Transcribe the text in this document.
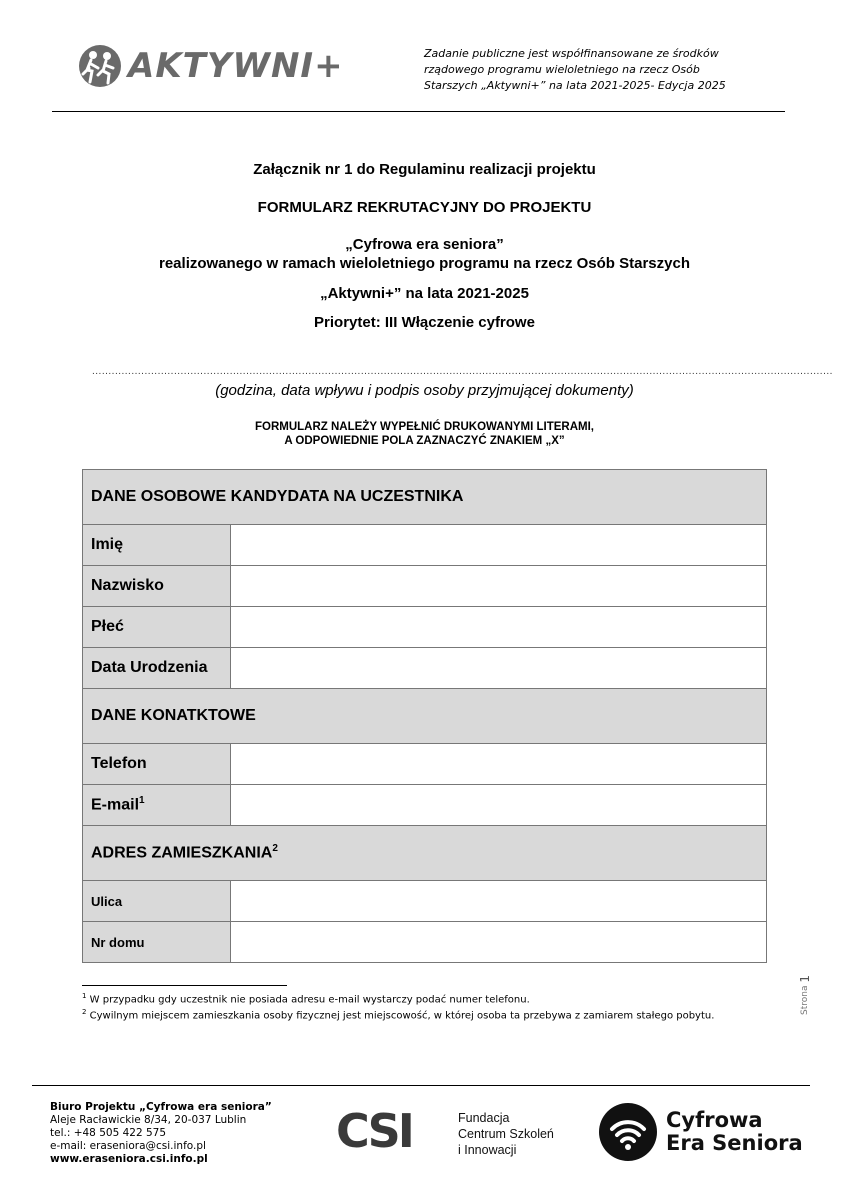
AKTYWNI+	Zadanie publiczne jest współfinansowane ze środków
rządowego programu wieloletniego na rzecz Osób
Starszych „Aktywni+” na lata 2021-2025- Edycja 2025
Załącznik nr 1 do Regulaminu realizacji projektu
FORMULARZ REKRUTACYJNY DO PROJEKTU
„Cyfrowa era seniora”
realizowanego w ramach wieloletniego programu na rzecz Osób Starszych
„Aktywni+” na lata 2021-2025
Priorytet: III Włączenie cyfrowe
..................................................................................................................................................................................................................................
(godzina, data wpływu i podpis osoby przyjmującej dokumenty)
FORMULARZ NALEŻY WYPEŁNIĆ DRUKOWANYMI LITERAMI,
A ODPOWIEDNIE POLA ZAZNACZYĆ ZNAKIEM „X”
DANE OSOBOWE KANDYDATA NA UCZESTNIKA	
Imię	
Nazwisko	
Płeć	
Data Urodzenia	
DANE KONATKTOWE	
Telefon	
E-mail$^1$	
ADRES ZAMIESZKANIA$^2$
Ulica	
Nr domu	
$^1$ W przypadku gdy uczestnik nie posiada adresu e-mail wystarczy podać numer telefonu.
$^2$ Cywilnym miejscem zamieszkania osoby fizycznej jest miejscowość, w której osoba ta przebywa z zamiarem stałego pobytu.
Strona 1
Biuro Projektu „Cyfrowa era seniora”
Aleje Racławickie 8/34, 20-037 Lublin
tel.: +48 505 422 575
e-mail: eraseniora@csi.info.pl
www.eraseniora.csi.info.pl
CSI	Fundacja
Centrum Szkoleń
i Innowacji
Cyfrowa
Era Seniora
